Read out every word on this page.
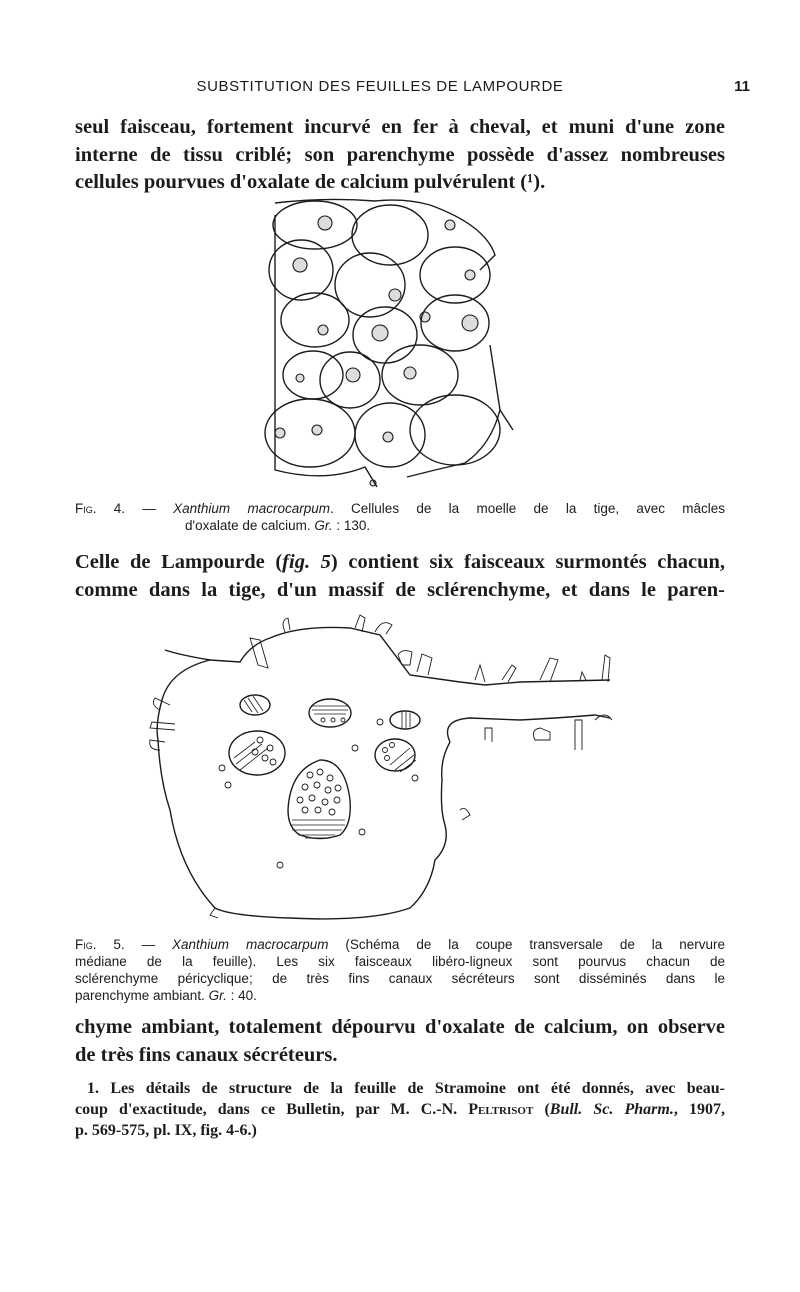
SUBSTITUTION DES FEUILLES DE LAMPOURDE	11

seul faisceau, fortement incurvé en fer à cheval, et muni d'une zone
interne de tissu criblé; son parenchyme possède d'assez nombreuses
cellules pourvues d'oxalate de calcium pulvérulent (¹).

Fig. 4. — Xanthium macrocarpum. Cellules de la moelle de la tige, avec mâcles
d'oxalate de calcium. Gr. : 130.

Celle de Lampourde (fig. 5) contient six faisceaux surmontés chacun,
comme dans la tige, d'un massif de sclérenchyme, et dans le paren-

Fig. 5. — Xanthium macrocarpum (Schéma de la coupe transversale de la nervure
médiane de la feuille). Les six faisceaux libéro-ligneux sont pourvus chacun de
sclérenchyme péricyclique; de très fins canaux sécréteurs sont disséminés dans le
parenchyme ambiant. Gr. : 40.

chyme ambiant, totalement dépourvu d'oxalate de calcium, on observe
de très fins canaux sécréteurs.

1. Les détails de structure de la feuille de Stramoine ont été donnés, avec beau-
coup d'exactitude, dans ce Bulletin, par M. C.-N. Peltrisot (Bull. Sc. Pharm., 1907,
p. 569-575, pl. IX, fig. 4-6.)
